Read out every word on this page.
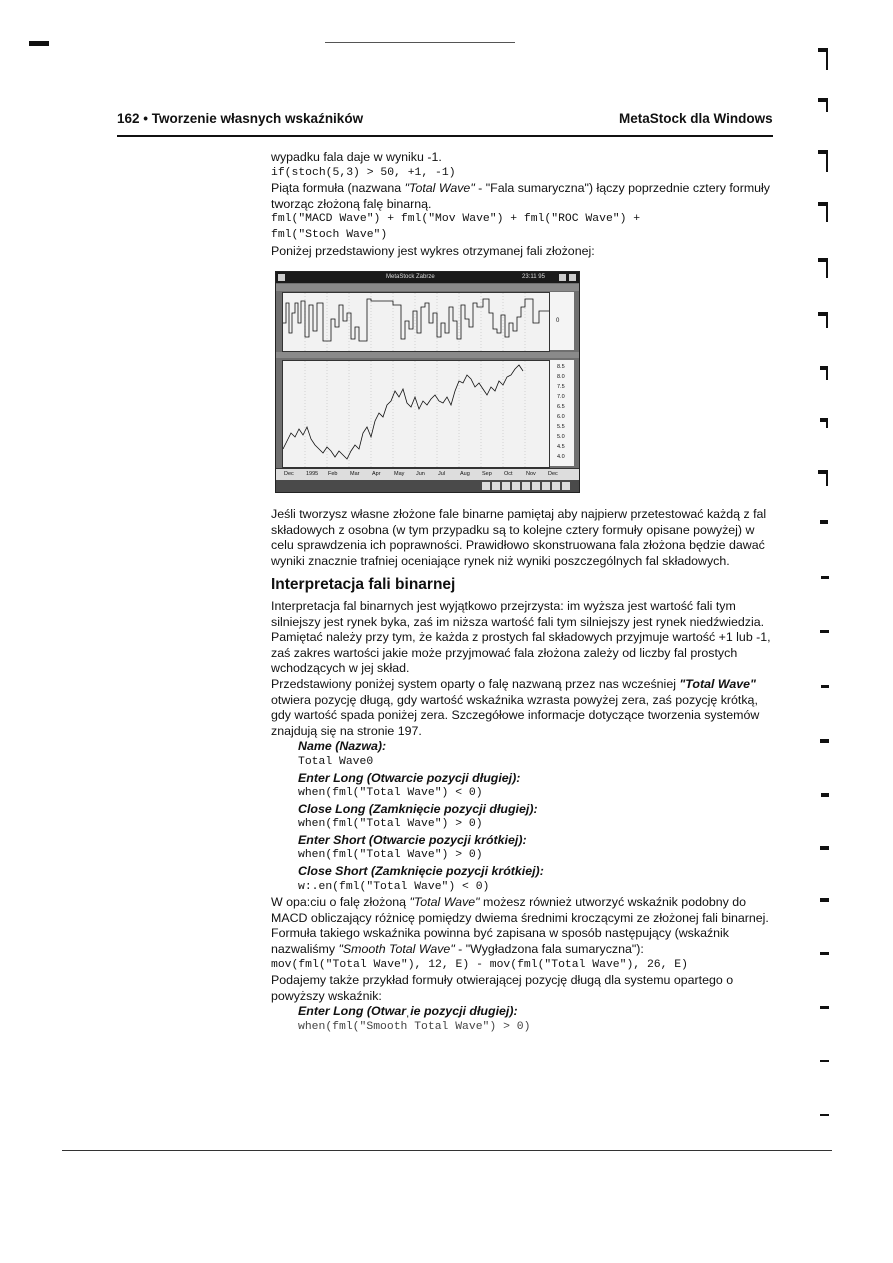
162 • Tworzenie własnych wskaźników	MetaStock dla Windows

wypadku fala daje w wyniku -1.

if(stoch(5,3) > 50, +1, -1)

Piąta formuła (nazwana "Total Wave" - "Fala sumaryczna") łączy poprzednie cztery formuły tworząc złożoną falę binarną.

fml("MACD Wave") + fml("Mov Wave") + fml("ROC Wave") +

fml("Stoch Wave")

Poniżej przedstawiony jest wykres otrzymanej fali złożonej:

MetaStock Zabrze	23:11 95
0
8.5
8.0
7.5
7.0
6.5
6.0
5.5
5.0
4.5
4.0
Dec 1995 Feb Mar Apr May Jun Jul	Aug Sep Oct Nov Dec

Jeśli tworzysz własne złożone fale binarne pamiętaj aby najpierw przetestować każdą z fal składowych z osobna (w tym przypadku są to kolejne cztery formuły opisane powyżej) w celu sprawdzenia ich poprawności. Prawidłowo skonstruowana fala złożona będzie dawać wyniki znacznie trafniej oceniające rynek niż wyniki poszczególnych fal składowych.

Interpretacja fali binarnej

Interpretacja fal binarnych jest wyjątkowo przejrzysta: im wyższa jest wartość fali tym silniejszy jest rynek byka, zaś im niższa wartość fali tym silniejszy jest rynek niedźwiedzia. Pamiętać należy przy tym, że każda z prostych fal składowych przyjmuje wartość +1 lub -1, zaś zakres wartości jakie może przyjmować fala złożona zależy od liczby fal prostych wchodzących w jej skład.

Przedstawiony poniżej system oparty o falę nazwaną przez nas wcześniej "Total Wave" otwiera pozycję długą, gdy wartość wskaźnika wzrasta powyżej zera, zaś pozycję krótką, gdy wartość spada poniżej zera. Szczegółowe informacje dotyczące tworzenia systemów znajdują się na stronie 197.

Name (Nazwa):

Total Wave0

Enter Long (Otwarcie pozycji długiej):

when(fml("Total Wave") < 0)

Close Long (Zamknięcie pozycji długiej):

when(fml("Total Wave") > 0)

Enter Short (Otwarcie pozycji krótkiej):

when(fml("Total Wave") > 0)

Close Short (Zamknięcie pozycji krótkiej):

w:.en(fml("Total Wave") < 0)

W opa:ciu o falę złożoną "Total Wave" możesz również utworzyć wskaźnik podobny do MACD obliczający różnicę pomiędzy dwiema średnimi kroczącymi ze złożonej fali binarnej. Formuła takiego wskaźnika powinna być zapisana w sposób następujący (wskaźnik nazwaliśmy "Smooth Total Wave" - "Wygładzona fala sumaryczna"):

mov(fml("Total Wave"), 12, E) - mov(fml("Total Wave"), 26, E)

Podajemy także przykład formuły otwierającej pozycję długą dla systemu opartego o powyższy wskaźnik:

Enter Long (Otwarˌie pozycji długiej):

when(fml("Smooth Total Wave") > 0)
